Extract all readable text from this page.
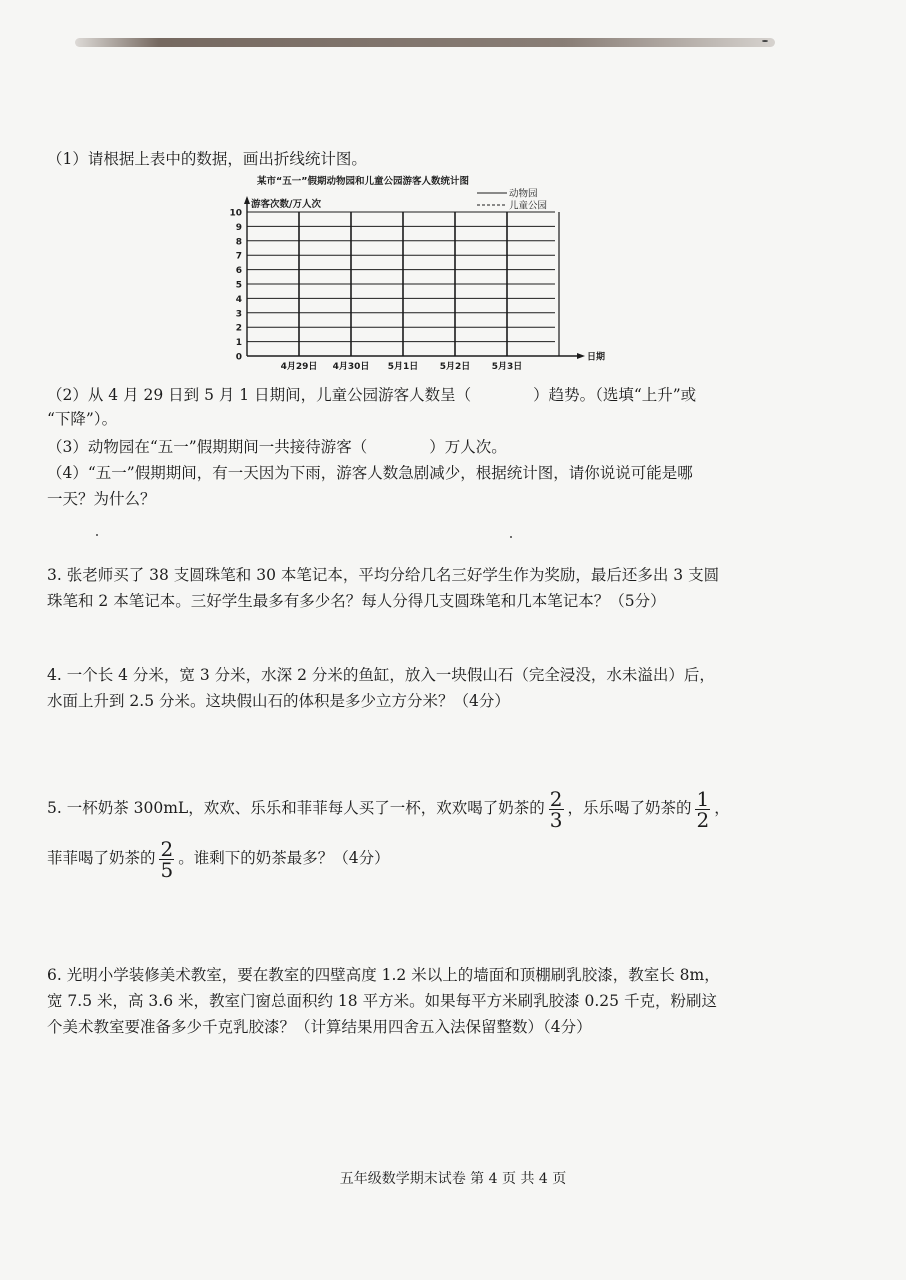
（1）请根据上表中的数据，画出折线统计图。
某市“五一”假期动物园和儿童公园游客人数统计图
游客次数/万人次
动物园
儿童公园
0
1
2
3
4
5
6
7
8
9
10
4月29日 4月30日 5月1日 5月2日 5月3日
日期
（2）从 4 月 29 日到 5 月 1 日期间，儿童公园游客人数呈（　　　　）趋势。（选填“上升”或
“下降”）。
（3）动物园在“五一”假期期间一共接待游客（　　　　）万人次。
（4）“五一”假期期间，有一天因为下雨，游客人数急剧减少，根据统计图，请你说说可能是哪
一天？为什么？
3. 张老师买了 38 支圆珠笔和 30 本笔记本，平均分给几名三好学生作为奖励，最后还多出 3 支圆
珠笔和 2 本笔记本。三好学生最多有多少名？每人分得几支圆珠笔和几本笔记本？（5分）
4. 一个长 4 分米，宽 3 分米，水深 2 分米的鱼缸，放入一块假山石（完全浸没，水未溢出）后，
水面上升到 2.5 分米。这块假山石的体积是多少立方分米？（4分）
5. 一杯奶茶 300mL，欢欢、乐乐和菲菲每人买了一杯，欢欢喝了奶茶的 $\frac{2}{3}$ ，乐乐喝了奶茶的 $\frac{1}{2}$ ，
菲菲喝了奶茶的 $\frac{2}{5}$ 。谁剩下的奶茶最多？（4分）
6. 光明小学装修美术教室，要在教室的四壁高度 1.2 米以上的墙面和顶棚刷乳胶漆，教室长 8m，
宽 7.5 米，高 3.6 米，教室门窗总面积约 18 平方米。如果每平方米刷乳胶漆 0.25 千克，粉刷这
个美术教室要准备多少千克乳胶漆？（计算结果用四舍五入法保留整数）（4分）
五年级数学期末试卷 第 4 页 共 4 页
